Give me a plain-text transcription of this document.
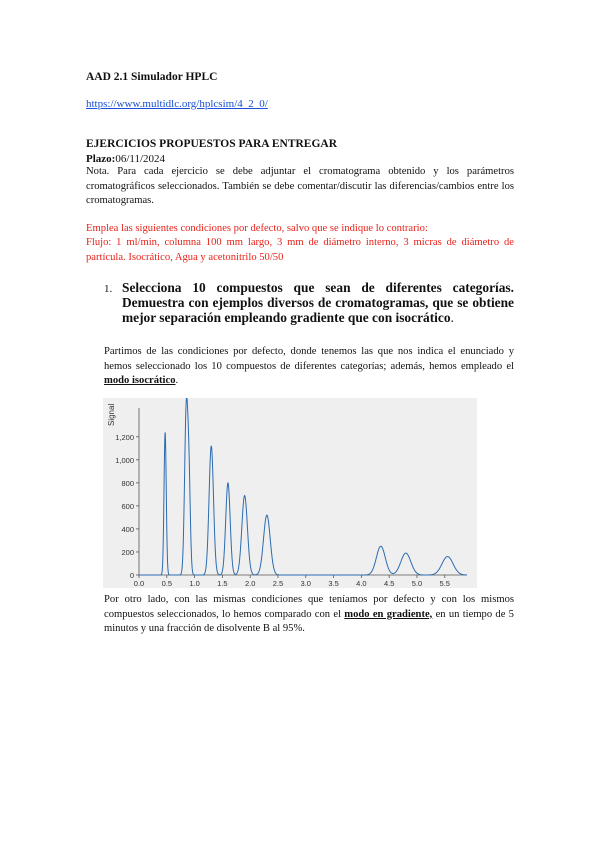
AAD 2.1 Simulador HPLC
https://www.multidlc.org/hplcsim/4_2_0/
EJERCICIOS PROPUESTOS PARA ENTREGAR
Plazo:06/11/2024
Nota. Para cada ejercicio se debe adjuntar el cromatograma obtenido y los parámetros cromatográficos seleccionados. También se debe comentar/discutir las diferencias/cambios entre los cromatogramas.
Emplea las siguientes condiciones por defecto, salvo que se indique lo contrario:
Flujo: 1 ml/min, columna 100 mm largo, 3 mm de diámetro interno, 3 micras de diámetro de partícula. Isocrático, Agua y acetonitrilo 50/50
1. Selecciona 10 compuestos que sean de diferentes categorías. Demuestra con ejemplos diversos de cromatogramas, que se obtiene mejor separación empleando gradiente que con isocrático.
Partimos de las condiciones por defecto, donde tenemos las que nos indica el enunciado y hemos seleccionado los 10 compuestos de diferentes categorías; además, hemos empleado el modo isocrático.
0
200
400
600
800
1,000
1,200
0.0 0.5 1.0 1.5 2.0 2.5 3.0 3.5 4.0 4.5 5.0 5.5
Signal
Por otro lado, con las mismas condiciones que teníamos por defecto y con los mismos compuestos seleccionados, lo hemos comparado con el modo en gradiente, en un tiempo de 5 minutos y una fracción de disolvente B al 95%.
